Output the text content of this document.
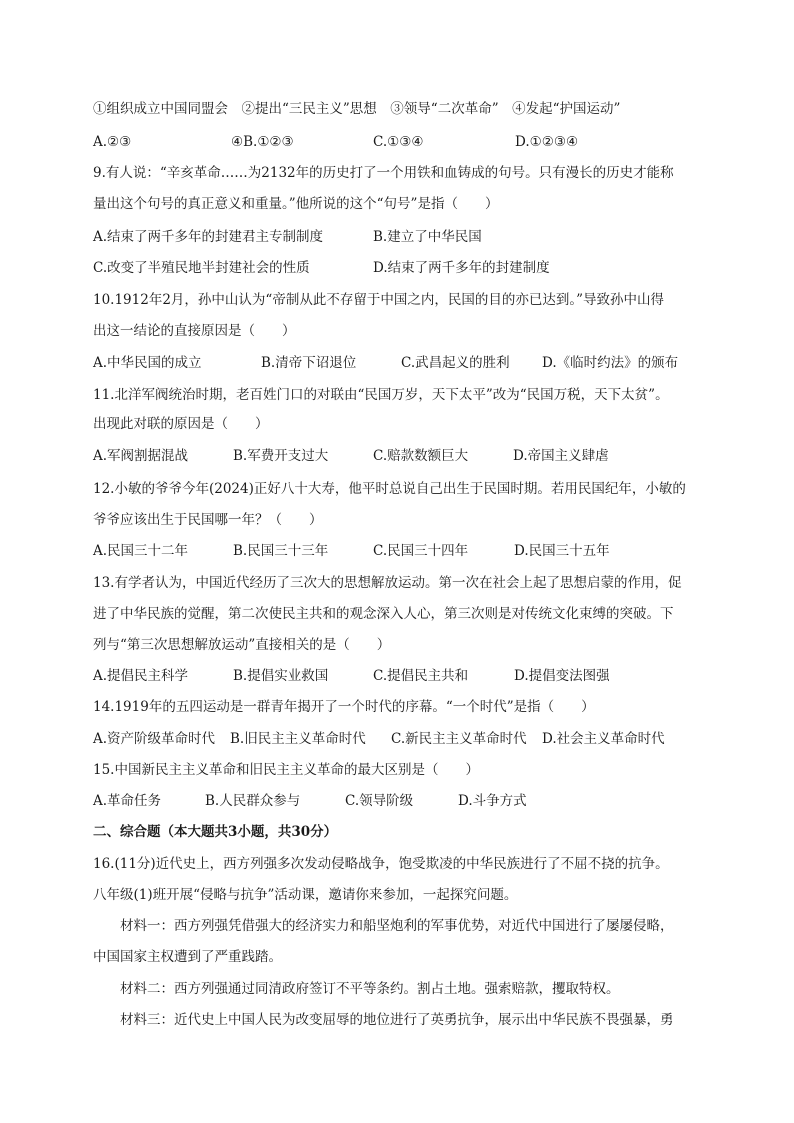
①组织成立中国同盟会　②提出“三民主义”思想　③领导“二次革命”　④发起“护国运动”
A.②③	④B.①②③	C.①③④	D.①②③④
9.有人说：“辛亥革命……为2132年的历史打了一个用铁和血铸成的句号。只有漫长的历史才能称
量出这个句号的真正意义和重量。”他所说的这个“句号”是指（　　）
A.结束了两千多年的封建君主专制制度	B.建立了中华民国
C.改变了半殖民地半封建社会的性质	D.结束了两千多年的封建制度
10.1912年2月，孙中山认为“帝制从此不存留于中国之内，民国的目的亦已达到。”导致孙中山得
出这一结论的直接原因是（　　）
A.中华民国的成立	B.清帝下诏退位	C.武昌起义的胜利 D.《临时约法》的颁布
11.北洋军阀统治时期，老百姓门口的对联由“民国万岁，天下太平”改为“民国万税，天下太贫”。
出现此对联的原因是（　　）
A.军阀割据混战	B.军费开支过大	C.赔款数额巨大	D.帝国主义肆虐
12.小敏的爷爷今年(2024)正好八十大寿，他平时总说自己出生于民国时期。若用民国纪年，小敏的
爷爷应该出生于民国哪一年？（　　）
A.民国三十二年	B.民国三十三年	C.民国三十四年	D.民国三十五年
13.有学者认为，中国近代经历了三次大的思想解放运动。第一次在社会上起了思想启蒙的作用，促
进了中华民族的觉醒，第二次使民主共和的观念深入人心，第三次则是对传统文化束缚的突破。下
列与“第三次思想解放运动”直接相关的是（　　）
A.提倡民主科学	B.提倡实业救国	C.提倡民主共和	D.提倡变法图强
14.1919年的五四运动是一群青年揭开了一个时代的序幕。“一个时代”是指（　　）
A.资产阶级革命时代 B.旧民主主义革命时代 C.新民主主义革命时代 D.社会主义革命时代
15.中国新民主主义革命和旧民主主义革命的最大区别是（　　）
A.革命任务	B.人民群众参与	C.领导阶级	D.斗争方式
二、综合题（本大题共3小题，共30分）
16.(11分)近代史上，西方列强多次发动侵略战争，饱受欺凌的中华民族进行了不屈不挠的抗争。
八年级(1)班开展“侵略与抗争”活动课，邀请你来参加，一起探究问题。
材料一：西方列强凭借强大的经济实力和船坚炮利的军事优势，对近代中国进行了屡屡侵略，
中国国家主权遭到了严重践踏。
材料二：西方列强通过同清政府签订不平等条约。割占土地。强索赔款，攫取特权。
材料三：近代史上中国人民为改变屈辱的地位进行了英勇抗争，展示出中华民族不畏强暴，勇
